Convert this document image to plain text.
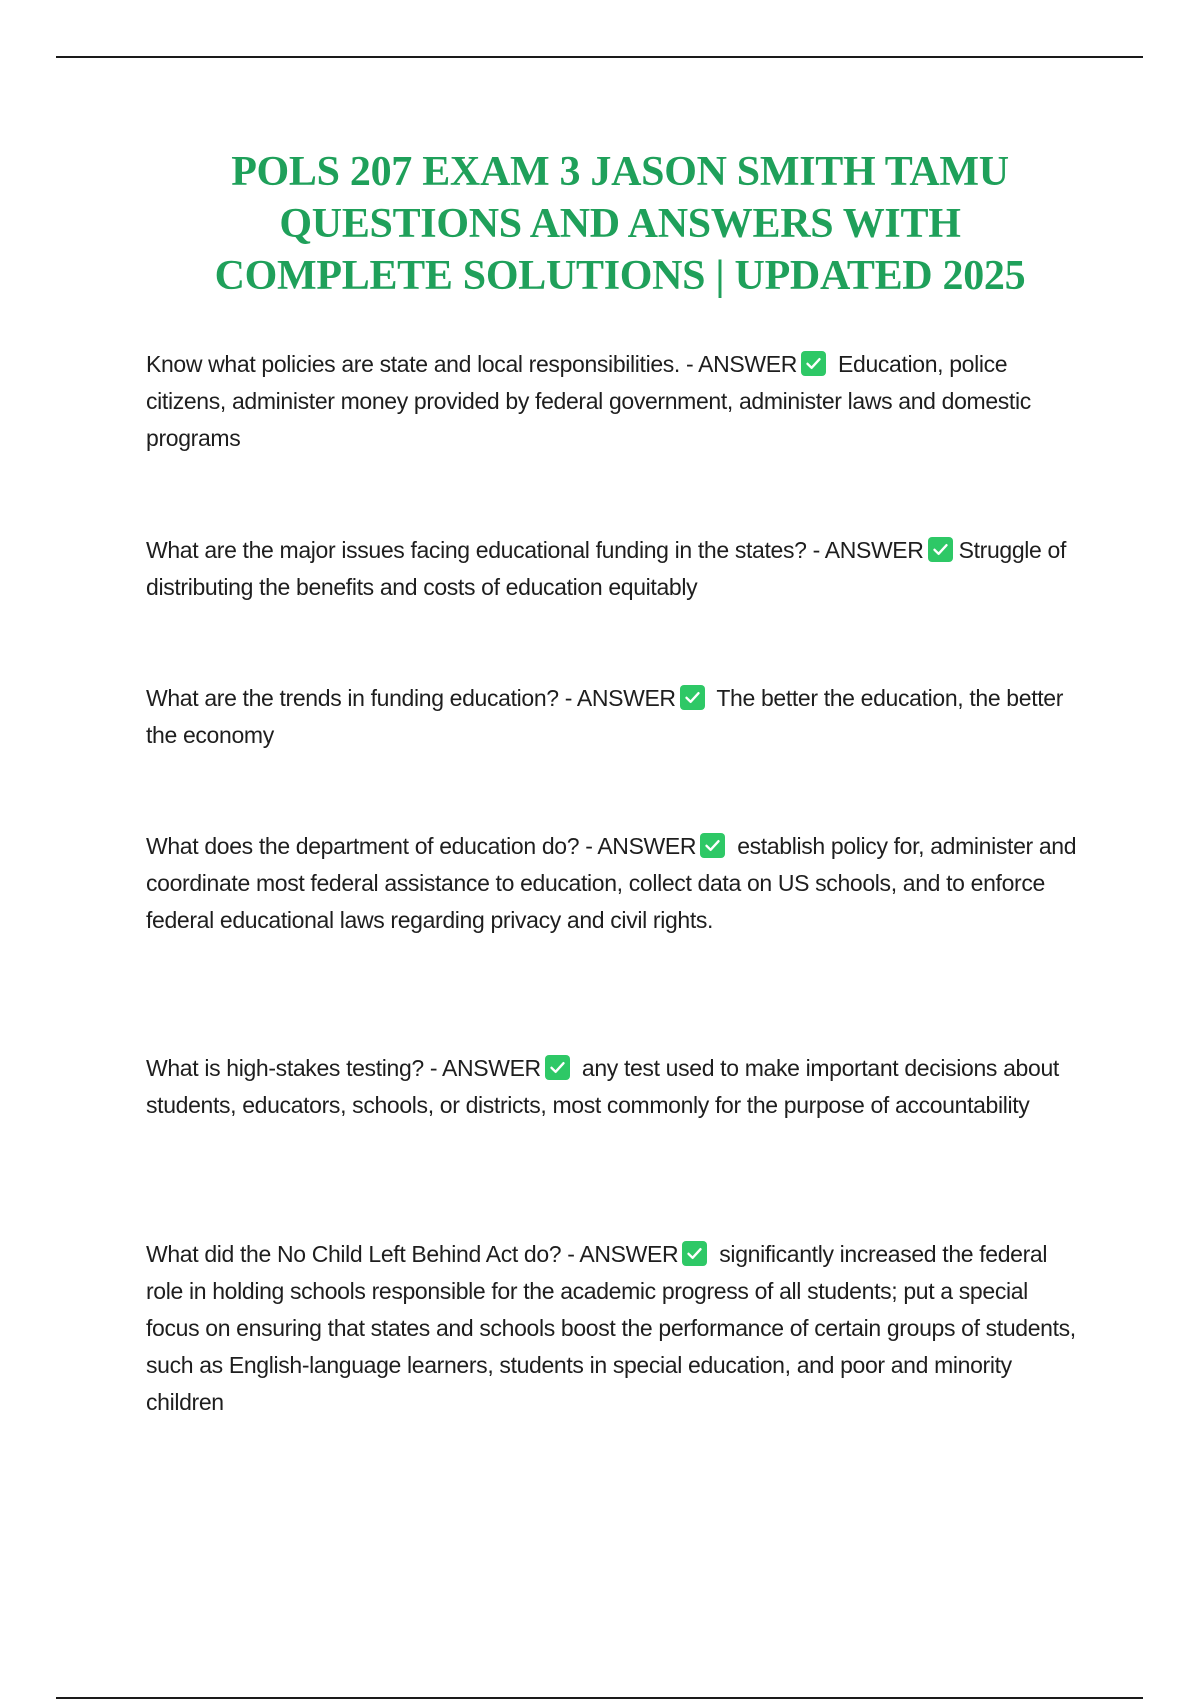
POLS 207 EXAM 3 JASON SMITH TAMU
QUESTIONS AND ANSWERS WITH
COMPLETE SOLUTIONS | UPDATED 2025
Know what policies are state and local responsibilities. - ANSWER Education, police citizens, administer money provided by federal government, administer laws and domestic programs
What are the major issues facing educational funding in the states? - ANSWER Struggle of distributing the benefits and costs of education equitably
What are the trends in funding education? - ANSWER The better the education, the better the economy
What does the department of education do? - ANSWER establish policy for, administer and coordinate most federal assistance to education, collect data on US schools, and to enforce federal educational laws regarding privacy and civil rights.
What is high-stakes testing? - ANSWER any test used to make important decisions about students, educators, schools, or districts, most commonly for the purpose of accountability
What did the No Child Left Behind Act do? - ANSWER significantly increased the federal role in holding schools responsible for the academic progress of all students; put a special focus on ensuring that states and schools boost the performance of certain groups of students, such as English-language learners, students in special education, and poor and minority children
